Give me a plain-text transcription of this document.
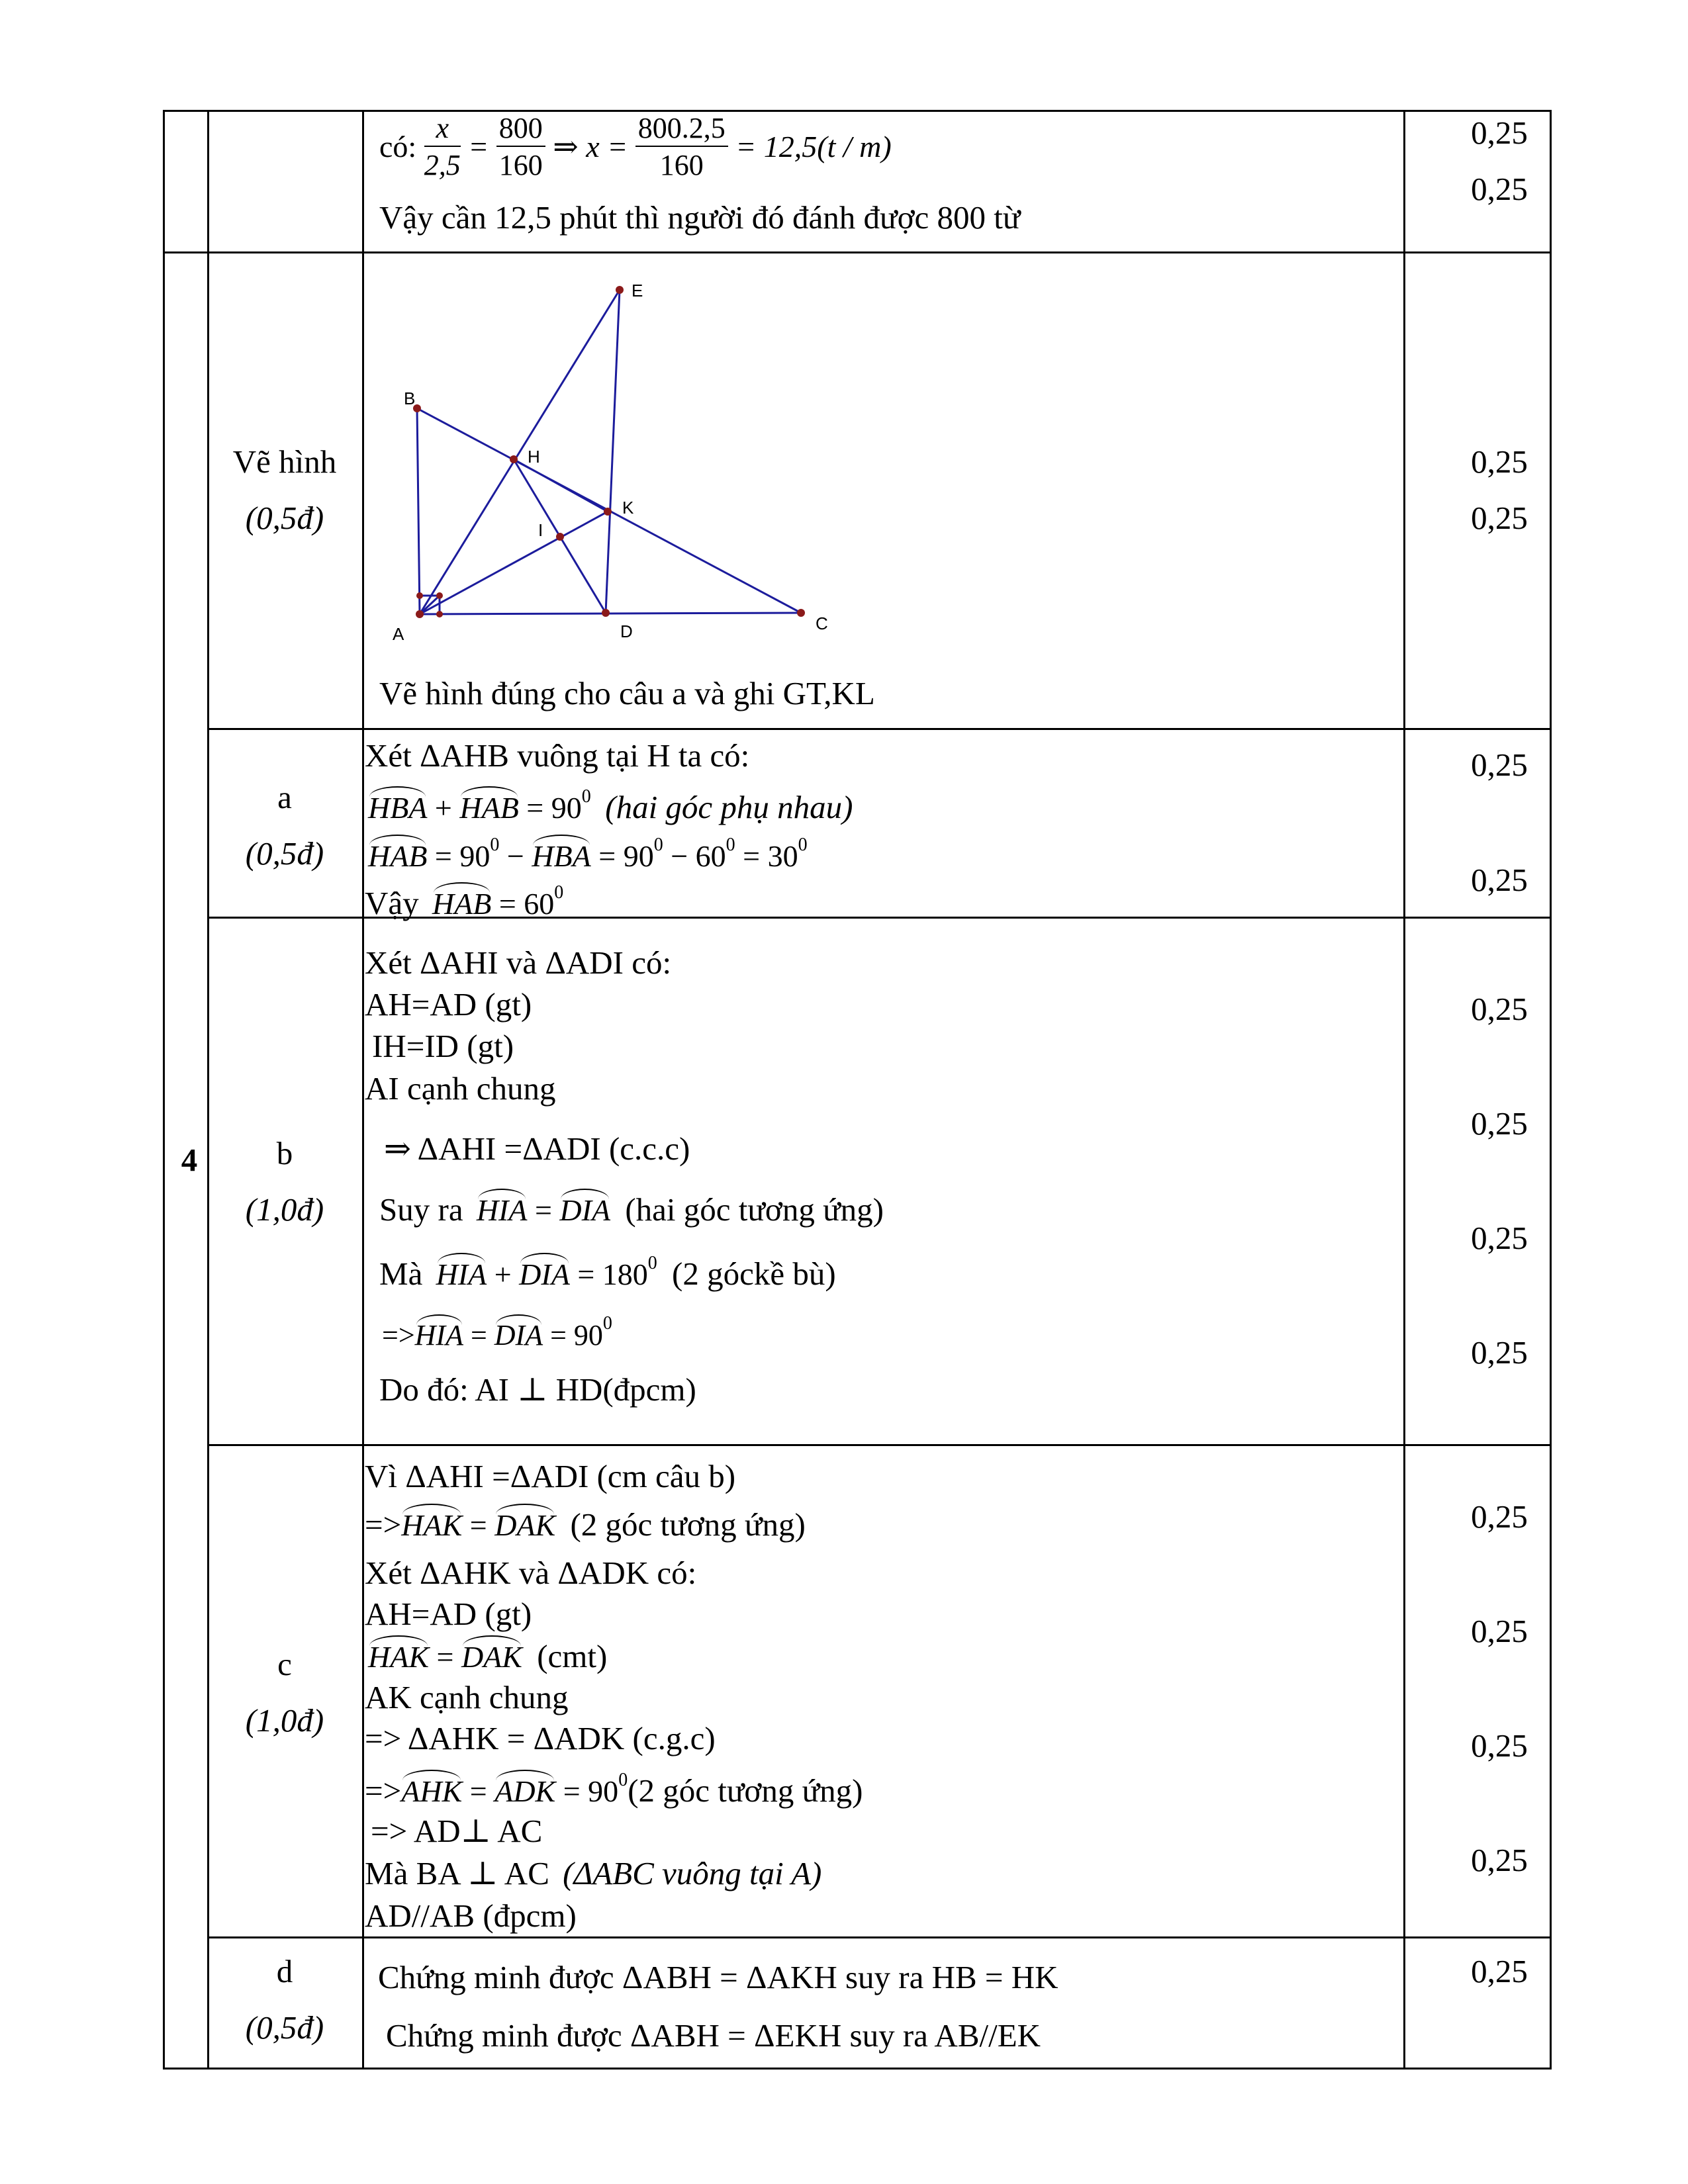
có: $\frac{x}{2,5} = \frac{800}{160}$ ⇒ $x = \frac{800.2,5}{160} = 12,5(t / m)$
Vậy cần 12,5 phút thì người đó đánh được 800 từ
0,25
0,25
4
Vẽ hình
(0,5đ)
0,25
0,25
A
B
C
D
E
H
I
K
Vẽ hình đúng cho câu a và ghi GT,KL
a
(0,5đ)
0,25
0,25
Xét ΔAHB vuông tại H ta có:
HBA + HAB = $90^0$ (hai góc phụ nhau)
HAB = $90^0$ − HBA = $90^0 - 60^0 = 30^0$
Vậy HAB = $60^0$
b
(1,0đ)
0,25
0,25
0,25
0,25
Xét ΔAHI và ΔADI có:
AH=AD (gt)
IH=ID (gt)
AI cạnh chung
⇒ ΔAHI =ΔADI (c.c.c)
Suy ra HIA = DIA (hai góc tương ứng)
Mà HIA + DIA = $180^0$ (2 góckề bù)
=>HIA = DIA = $90^0$
Do đó: AI ⊥ HD(đpcm)
c
(1,0đ)
0,25
0,25
0,25
0,25
Vì ΔAHI =ΔADI (cm câu b)
=>HAK = DAK (2 góc tương ứng)
Xét ΔAHK và ΔADK có:
AH=AD (gt)
HAK = DAK (cmt)
AK cạnh chung
=> ΔAHK = ΔADK (c.g.c)
=>AHK = ADK = $90^0(2$ góc tương ứng)
=> AD⊥ AC
Mà BA ⊥ AC (ΔABC vuông tại A)
AD//AB (đpcm)
d
(0,5đ)
0,25
Chứng minh được ΔABH = ΔAKH suy ra HB = HK
Chứng minh được ΔABH = ΔEKH suy ra AB//EK
